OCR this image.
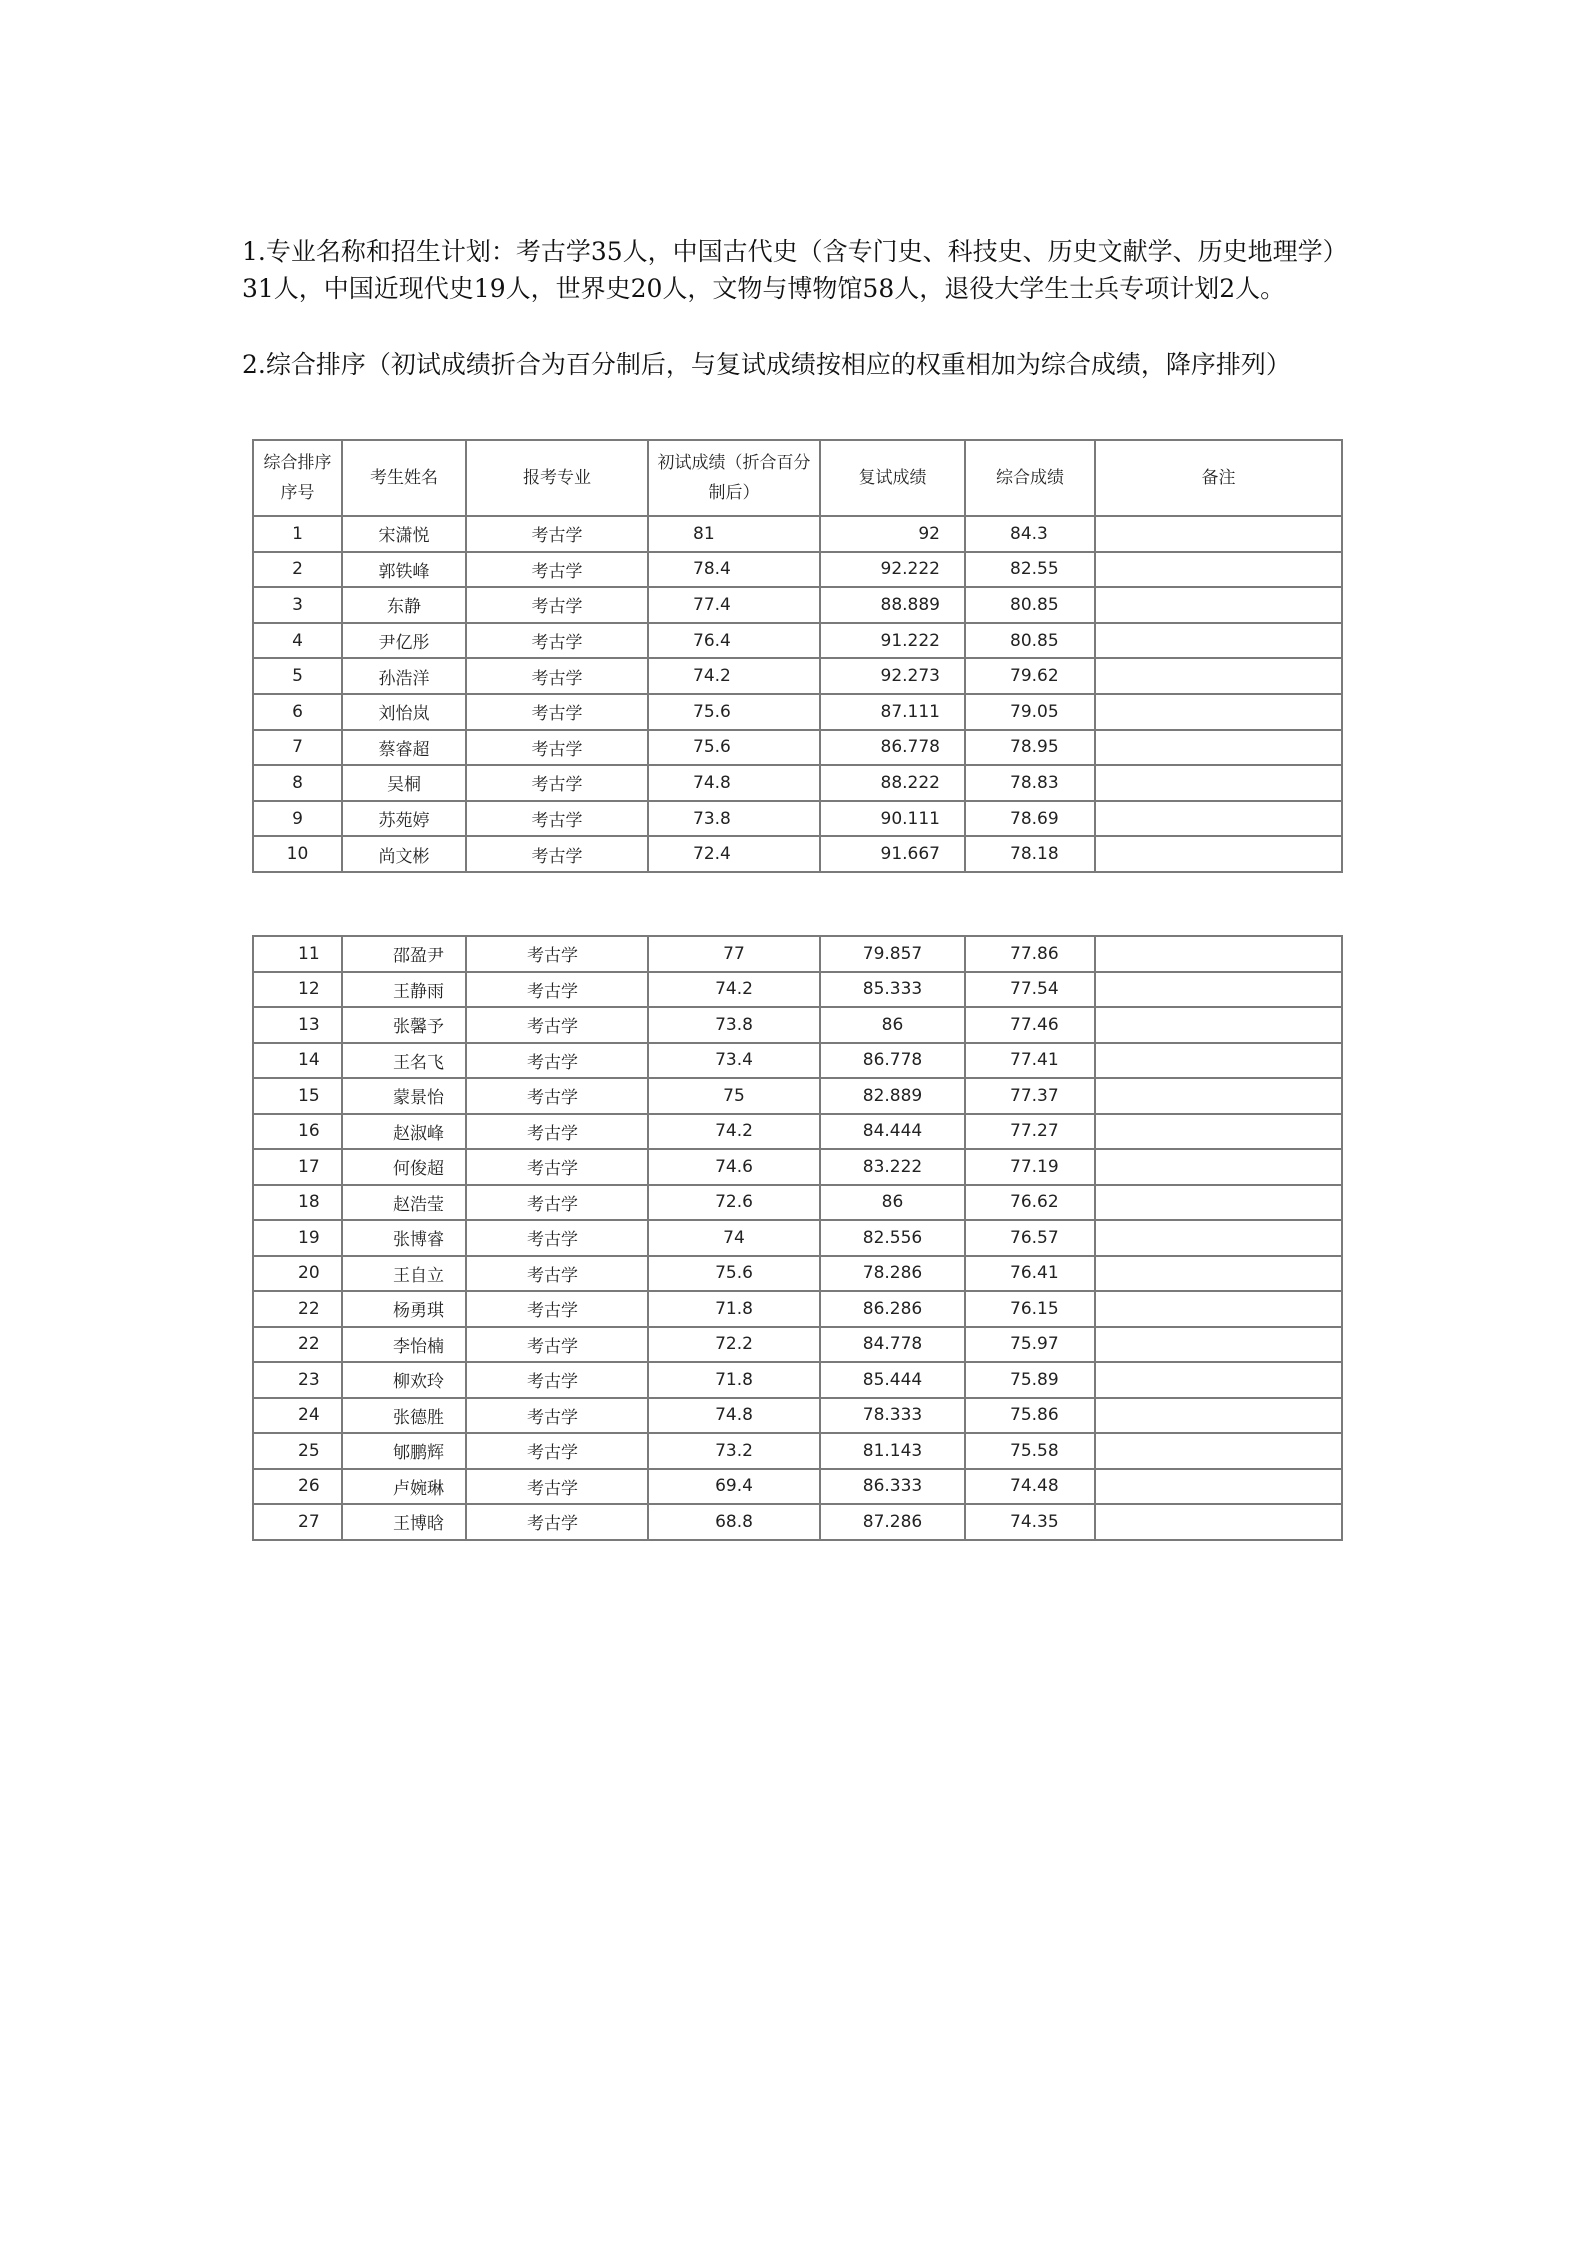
1.专业名称和招生计划：考古学35人，中国古代史（含专门史、科技史、历史文献学、历史地理学）31人，中国近现代史19人，世界史20人，文物与博物馆58人，退役大学生士兵专项计划2人。

2.综合排序（初试成绩折合为百分制后，与复试成绩按相应的权重相加为综合成绩，降序排列）

综合排序序号	考生姓名	报考专业	初试成绩（折合百分制后）	复试成绩	综合成绩	备注
1	宋潇悦	考古学	81	92	84.3	
2	郭铁峰	考古学	78.4	92.222	82.55	
3	东静	考古学	77.4	88.889	80.85	
4	尹亿彤	考古学	76.4	91.222	80.85	
5	孙浩洋	考古学	74.2	92.273	79.62	
6	刘怡岚	考古学	75.6	87.111	79.05	
7	蔡睿超	考古学	75.6	86.778	78.95	
8	吴桐	考古学	74.8	88.222	78.83	
9	苏苑婷	考古学	73.8	90.111	78.69	
10	尚文彬	考古学	72.4	91.667	78.18	
11	邵盈尹	考古学	77	79.857	77.86	
12	王静雨	考古学	74.2	85.333	77.54	
13	张馨予	考古学	73.8	86	77.46	
14	王名飞	考古学	73.4	86.778	77.41	
15	蒙景怡	考古学	75	82.889	77.37	
16	赵淑峰	考古学	74.2	84.444	77.27	
17	何俊超	考古学	74.6	83.222	77.19	
18	赵浩莹	考古学	72.6	86	76.62	
19	张博睿	考古学	74	82.556	76.57	
20	王自立	考古学	75.6	78.286	76.41	
22	杨勇琪	考古学	71.8	86.286	76.15	
22	李怡楠	考古学	72.2	84.778	75.97	
23	柳欢玲	考古学	71.8	85.444	75.89	
24	张德胜	考古学	74.8	78.333	75.86	
25	郇鹏辉	考古学	73.2	81.143	75.58	
26	卢婉琳	考古学	69.4	86.333	74.48	
27	王博晗	考古学	68.8	87.286	74.35	
